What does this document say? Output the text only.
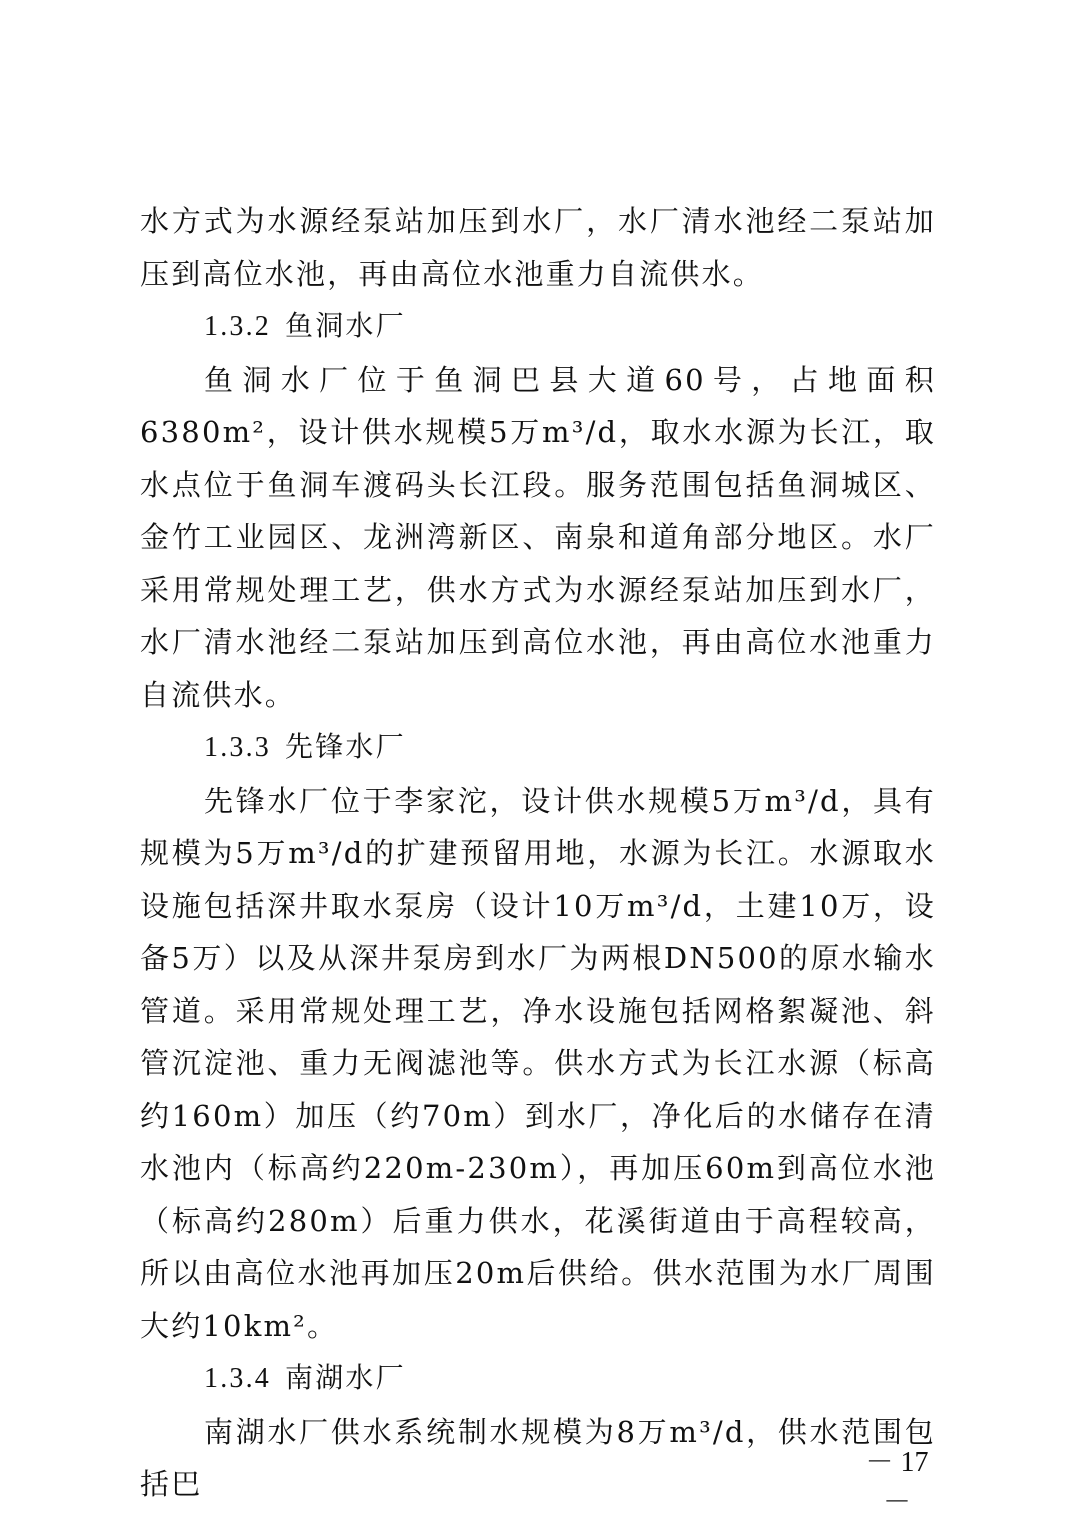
水方式为水源经泵站加压到水厂，水厂清水池经二泵站加压到高位水池，再由高位水池重力自流供水。

1.3.2 鱼洞水厂

鱼洞水厂位于鱼洞巴县大道60号，占地面积6380m²，设计供水规模5万m³/d，取水水源为长江，取水点位于鱼洞车渡码头长江段。服务范围包括鱼洞城区、金竹工业园区、龙洲湾新区、南泉和道角部分地区。水厂采用常规处理工艺，供水方式为水源经泵站加压到水厂，水厂清水池经二泵站加压到高位水池，再由高位水池重力自流供水。

1.3.3 先锋水厂

先锋水厂位于李家沱，设计供水规模5万m³/d，具有规模为5万m³/d的扩建预留用地，水源为长江。水源取水设施包括深井取水泵房（设计10万m³/d，土建10万，设备5万）以及从深井泵房到水厂为两根DN500的原水输水管道。采用常规处理工艺，净水设施包括网格絮凝池、斜管沉淀池、重力无阀滤池等。供水方式为长江水源（标高约160m）加压（约70m）到水厂，净化后的水储存在清水池内（标高约220m-230m），再加压60m到高位水池（标高约280m）后重力供水，花溪街道由于高程较高，所以由高位水池再加压20m后供给。供水范围为水厂周围大约10km²。

1.3.4 南湖水厂

南湖水厂供水系统制水规模为8万m³/d，供水范围包括巴

－ 17 －
